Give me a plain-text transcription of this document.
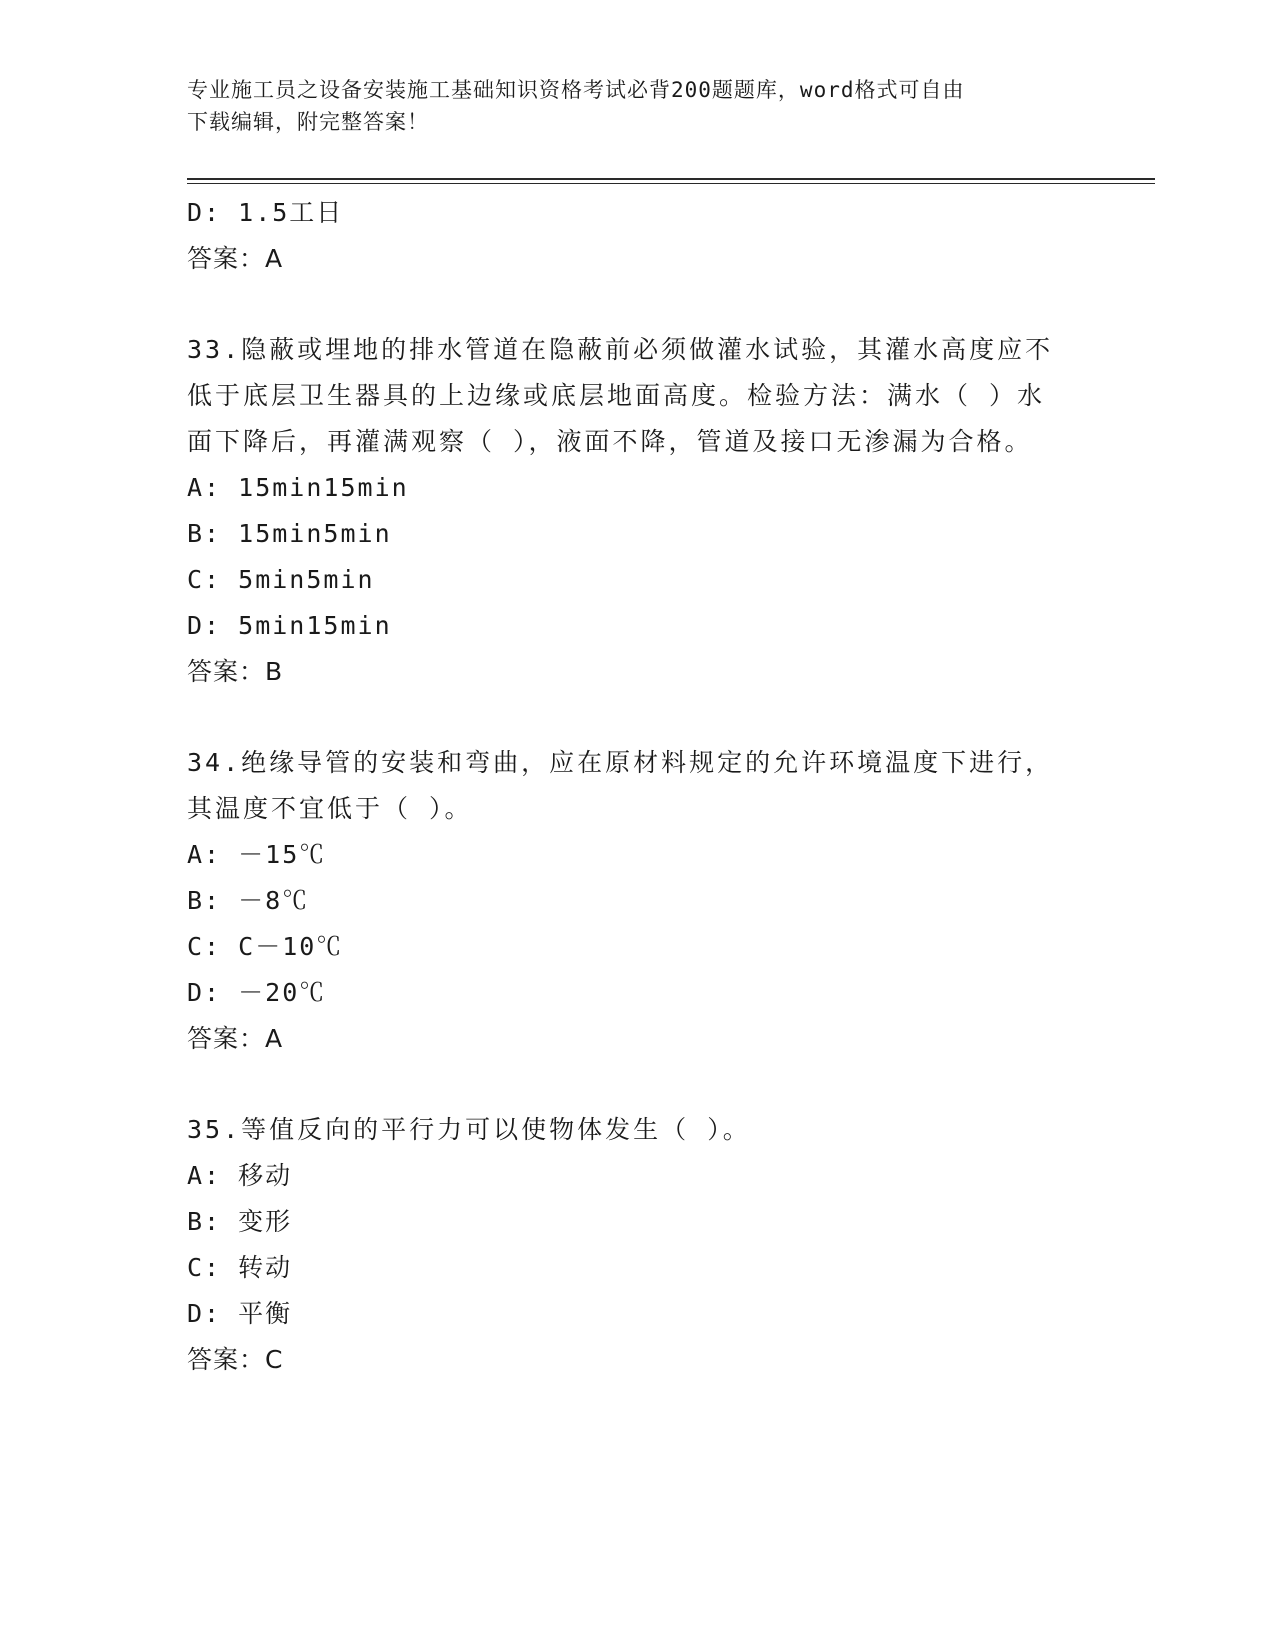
专业施工员之设备安装施工基础知识资格考试必背200题题库，word格式可自由
下载编辑，附完整答案！
D: 1.5工日
答案：A
33.隐蔽或埋地的排水管道在隐蔽前必须做灌水试验，其灌水高度应不
低于底层卫生器具的上边缘或底层地面高度。检验方法：满水（ ）水
面下降后，再灌满观察（ ），液面不降，管道及接口无渗漏为合格。
A: 15min15min
B: 15min5min
C: 5min5min
D: 5min15min
答案：B
34.绝缘导管的安装和弯曲，应在原材料规定的允许环境温度下进行，
其温度不宜低于（ ）。
A: －15℃
B: －8℃
C: C－10℃
D: －20℃
答案：A
35.等值反向的平行力可以使物体发生（ ）。
A: 移动
B: 变形
C: 转动
D: 平衡
答案：C
